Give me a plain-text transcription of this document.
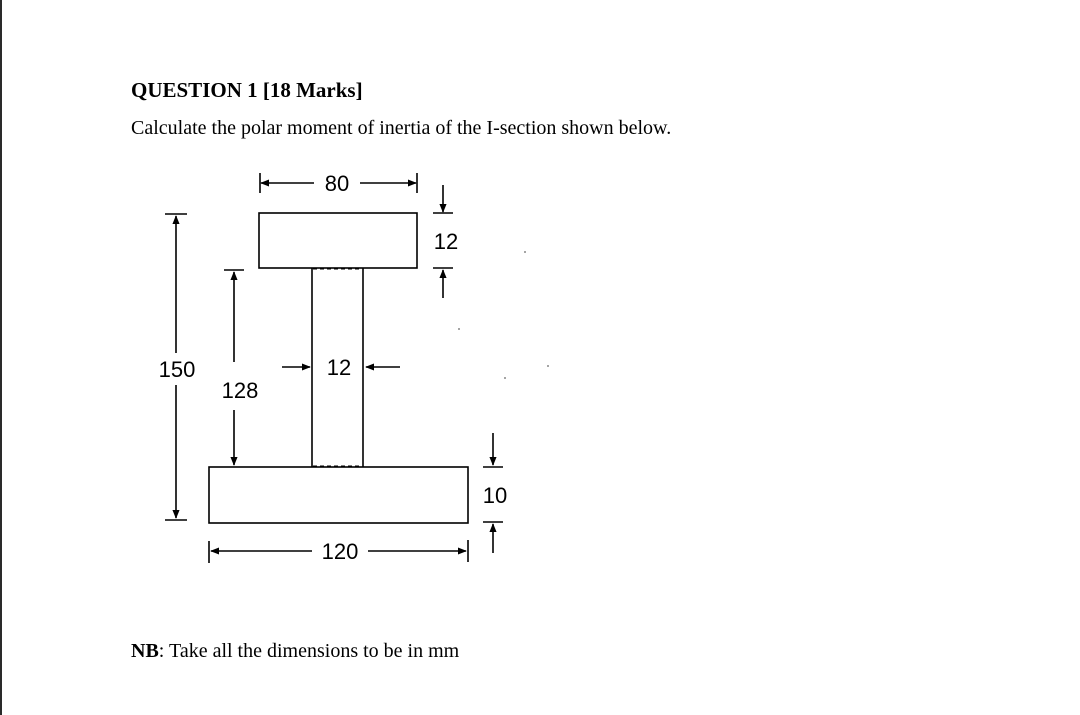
QUESTION 1 [18 Marks]
Calculate the polar moment of inertia of the I-section shown below.
80
12
150
128
12
10
120
NB: Take all the dimensions to be in mm
